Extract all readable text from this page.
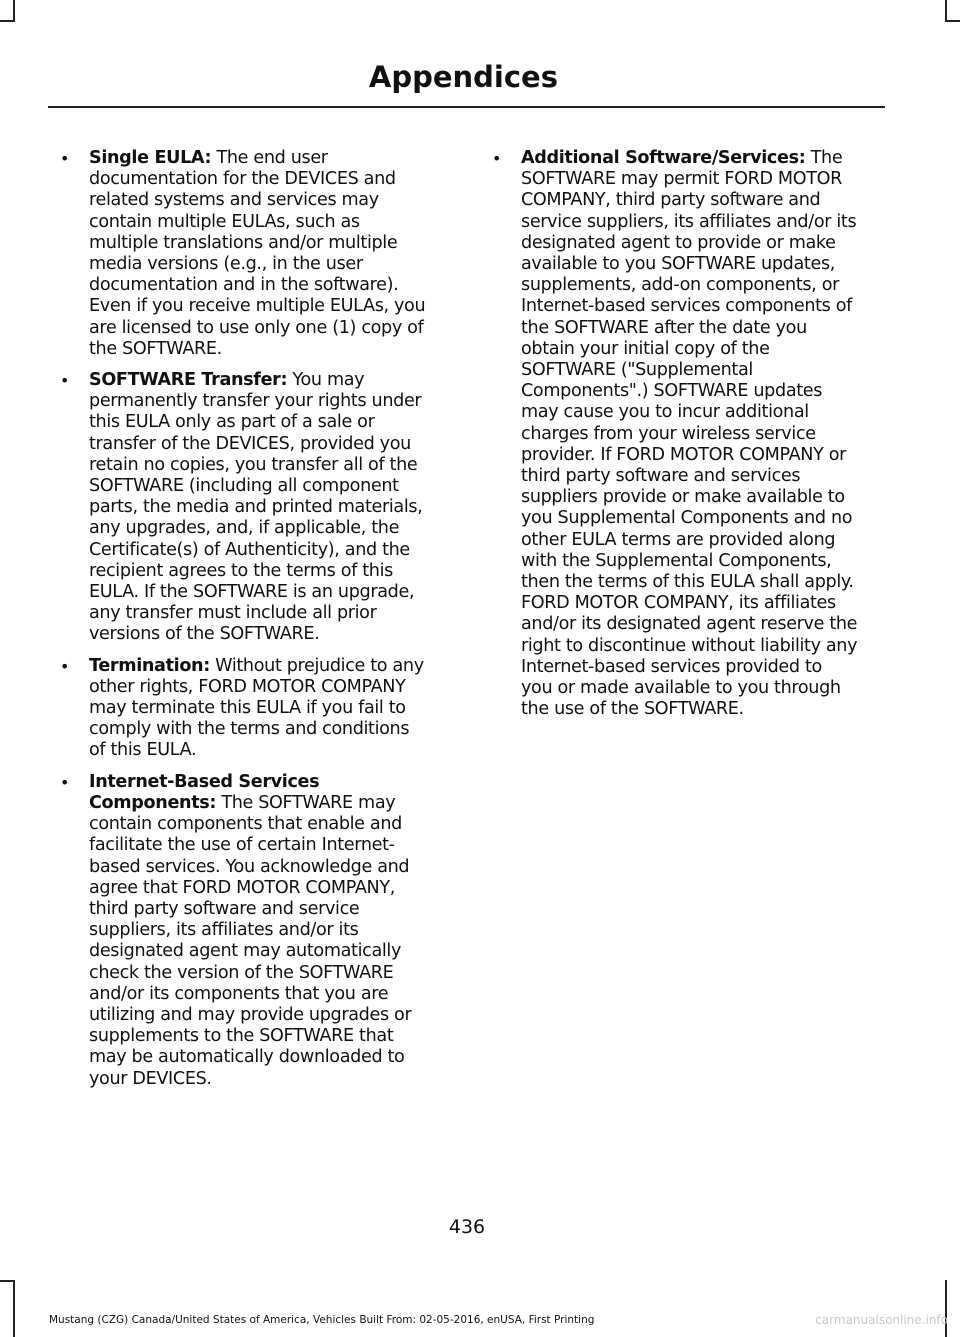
Appendices
• Single EULA: The end user documentation for the DEVICES and related systems and services may contain multiple EULAs, such as multiple translations and/or multiple media versions (e.g., in the user documentation and in the software). Even if you receive multiple EULAs, you are licensed to use only one (1) copy of the SOFTWARE.
• SOFTWARE Transfer: You may permanently transfer your rights under this EULA only as part of a sale or transfer of the DEVICES, provided you retain no copies, you transfer all of the SOFTWARE (including all component parts, the media and printed materials, any upgrades, and, if applicable, the Certificate(s) of Authenticity), and the recipient agrees to the terms of this EULA. If the SOFTWARE is an upgrade, any transfer must include all prior versions of the SOFTWARE.
• Termination: Without prejudice to any other rights, FORD MOTOR COMPANY may terminate this EULA if you fail to comply with the terms and conditions of this EULA.
• Internet-Based Services Components: The SOFTWARE may contain components that enable and facilitate the use of certain Internet-based services. You acknowledge and agree that FORD MOTOR COMPANY, third party software and service suppliers, its affiliates and/or its designated agent may automatically check the version of the SOFTWARE and/or its components that you are utilizing and may provide upgrades or supplements to the SOFTWARE that may be automatically downloaded to your DEVICES.
• Additional Software/Services: The SOFTWARE may permit FORD MOTOR COMPANY, third party software and service suppliers, its affiliates and/or its designated agent to provide or make available to you SOFTWARE updates, supplements, add-on components, or Internet-based services components of the SOFTWARE after the date you obtain your initial copy of the SOFTWARE ("Supplemental Components".) SOFTWARE updates may cause you to incur additional charges from your wireless service provider. If FORD MOTOR COMPANY or third party software and services suppliers provide or make available to you Supplemental Components and no other EULA terms are provided along with the Supplemental Components, then the terms of this EULA shall apply. FORD MOTOR COMPANY, its affiliates and/or its designated agent reserve the right to discontinue without liability any Internet-based services provided to you or made available to you through the use of the SOFTWARE.
436
Mustang (CZG) Canada/United States of America, Vehicles Built From: 02-05-2016, enUSA, First Printing	carmanualsonline.info
